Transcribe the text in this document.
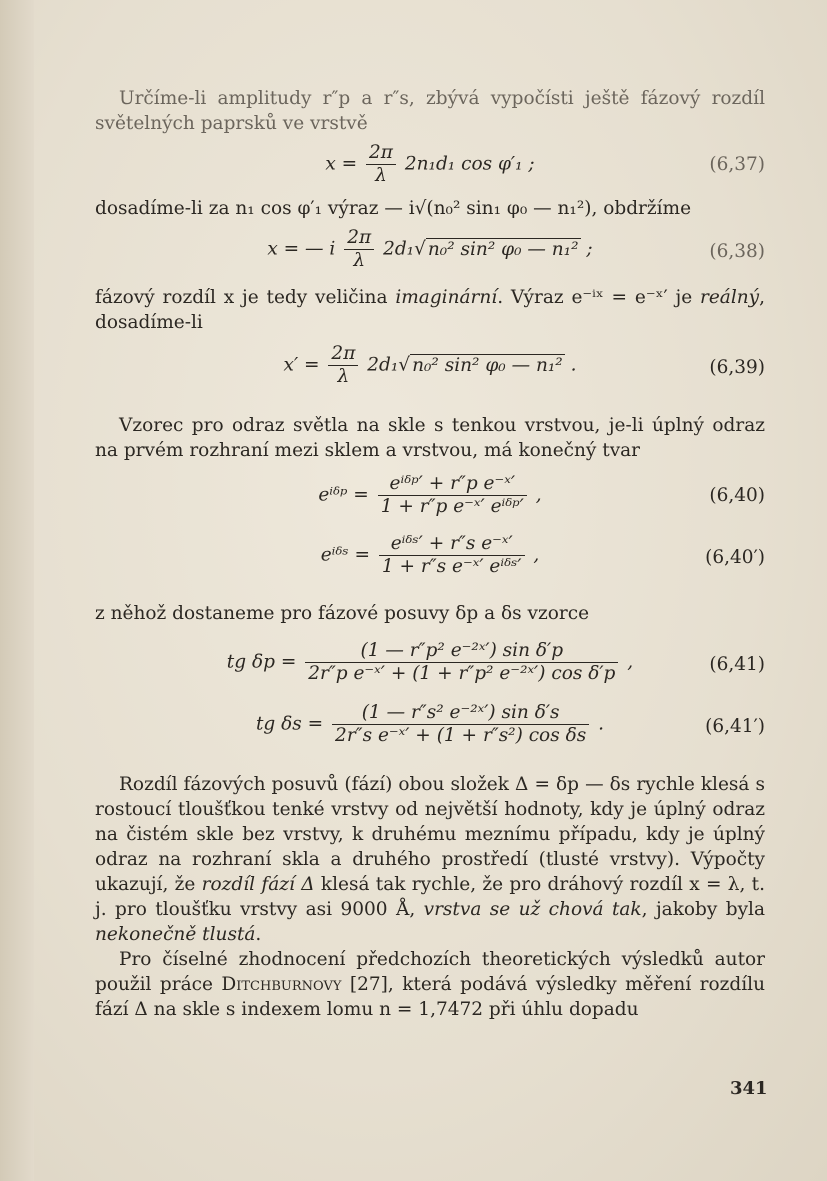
Určíme-li amplitudy r″p a r″s, zbývá vypočísti ještě fázový rozdíl světelných paprsků ve vrstvě

$x = \frac{2\pi}{\lambda} 2n_1d_1$ cos φ′₁ ;	(6,37)

dosadíme-li za n₁ cos φ′₁ výraz — i√(n₀² sin₁ φ₀ — n₁²), obdržíme

x = — i $\frac{2\pi}{\lambda} 2d_1√$ n₀² sin² φ₀ — n₁² ;	(6,38)

fázový rozdíl x je tedy veličina imaginární. Výraz e⁻ⁱˣ = e⁻ˣ′ je reálný, dosadíme-li

$x' = \frac{2\pi}{\lambda} 2d_1√$ n₀² sin² φ₀ — n₁² .	(6,39)

Vzorec pro odraz světla na skle s tenkou vrstvou, je-li úplný odraz na prvém rozhraní mezi sklem a vrstvou, má konečný tvar

eⁱᵟᵖ = $\frac{\text{eⁱᵟᵖ′ + r″p e⁻ˣ′}}{\text{1 + r″p e⁻ˣ′ eⁱᵟᵖ′}}$ ,	(6,40)
eⁱᵟˢ = $\frac{\text{eⁱᵟˢ′ + r″s e⁻ˣ′}}{\text{1 + r″s e⁻ˣ′ eⁱᵟˢ′}}$ ,	(6,40′)

z něhož dostaneme pro fázové posuvy δp a δs vzorce

tg $\delta p = \frac{\text{(1 — r″p² e⁻²ˣ′) sin δ′p}}{\text{2r″p e⁻ˣ′ + (1 + r″p² e⁻²ˣ′) cos δ′p}}$ ,	(6,41)
tg $\delta s = \frac{\text{(1 — r″s² e⁻²ˣ′) sin δ′s}}{\text{2r″s e⁻ˣ′ + (1 + r″s²) cos δs}}$ .	(6,41′)

Rozdíl fázových posuvů (fází) obou složek Δ = δp — δs rychle klesá s rostoucí tloušťkou tenké vrstvy od největší hodnoty, kdy je úplný odraz na čistém skle bez vrstvy, k druhému meznímu případu, kdy je úplný odraz na rozhraní skla a druhého prostředí (tlusté vrstvy). Výpočty ukazují, že rozdíl fází Δ klesá tak rychle, že pro dráhový rozdíl x = λ, t. j. pro tloušťku vrstvy asi 9000 Å, vrstva se už chová tak, jakoby byla nekonečně tlustá.

Pro číselné zhodnocení předchozích theoretických výsledků autor použil práce Ditchburnovy [27], která podává výsledky měření rozdílu fází Δ na skle s indexem lomu n = 1,7472 při úhlu dopadu

341
